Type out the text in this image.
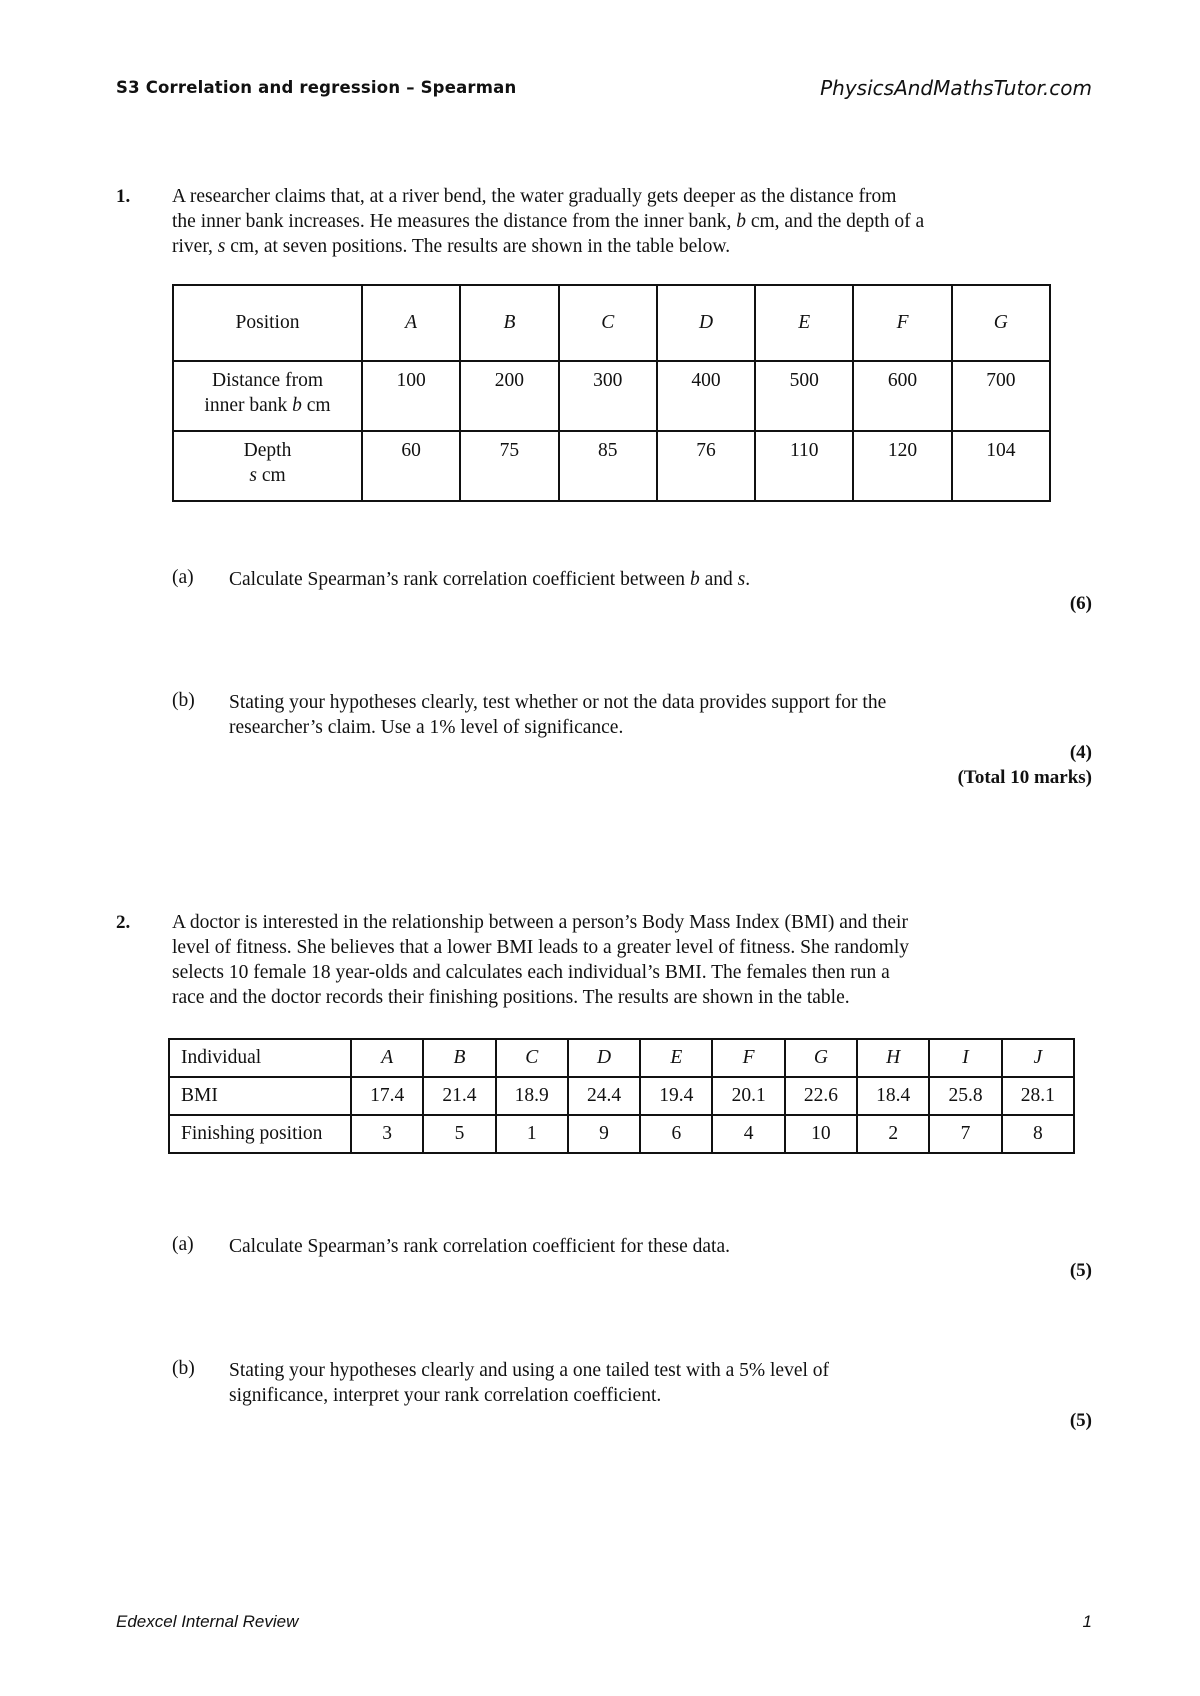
S3 Correlation and regression – Spearman	PhysicsAndMathsTutor.com
1. A researcher claims that, at a river bend, the water gradually gets deeper as the distance from
the inner bank increases. He measures the distance from the inner bank, b cm, and the depth of a
river, s cm, at seven positions. The results are shown in the table below.
Position	A	B	C	D	E	F	G

Distance from
inner bank b cm	100	200	300	400	500	600	700

Depth
s cm	60	75	85	76	110	120	104
(a) Calculate Spearman’s rank correlation coefficient between b and s.
(6)
(b) Stating your hypotheses clearly, test whether or not the data provides support for the
researcher’s claim. Use a 1% level of significance.
(4)
(Total 10 marks)
2. A doctor is interested in the relationship between a person’s Body Mass Index (BMI) and their
level of fitness. She believes that a lower BMI leads to a greater level of fitness. She randomly
selects 10 female 18 year-olds and calculates each individual’s BMI. The females then run a
race and the doctor records their finishing positions. The results are shown in the table.
Individual	A	B	C	D	E	F	G	H	I	J
BMI	17.4	21.4	18.9	24.4	19.4	20.1	22.6	18.4	25.8	28.1
Finishing position	3	5	1	9	6	4	10	2	7	8
(a) Calculate Spearman’s rank correlation coefficient for these data.
(5)
(b) Stating your hypotheses clearly and using a one tailed test with a 5% level of
significance, interpret your rank correlation coefficient.
(5)
Edexcel Internal Review	1
